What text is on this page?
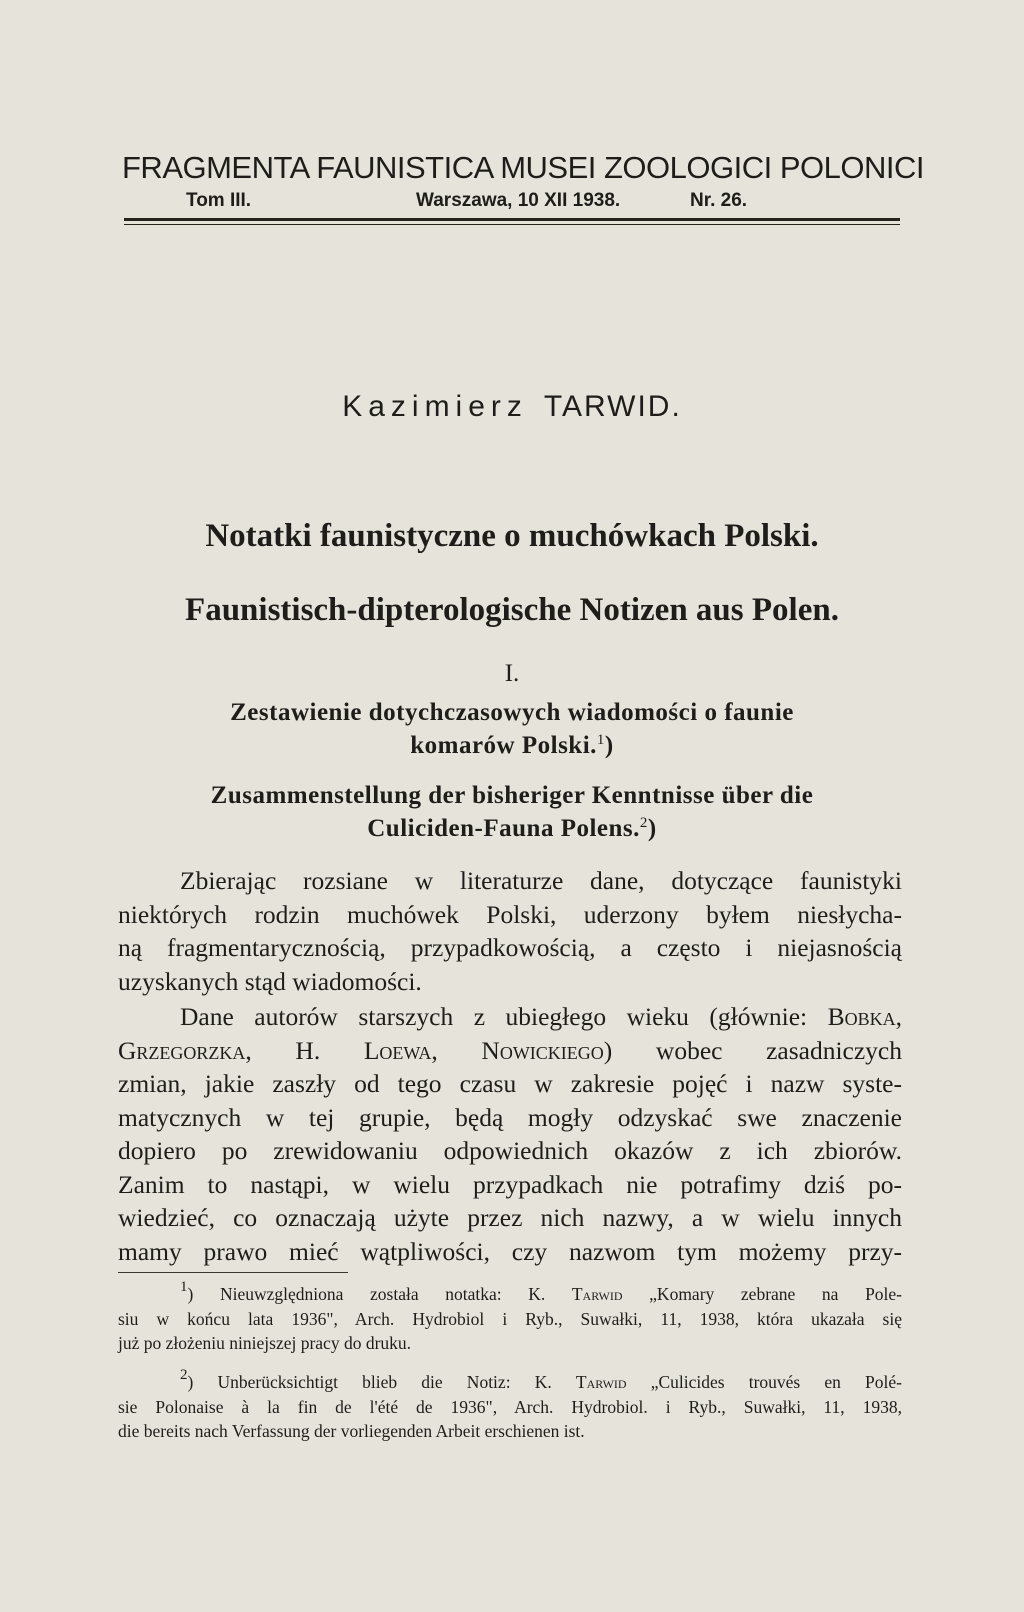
FRAGMENTA FAUNISTICA MUSEI ZOOLOGICI POLONICI
Tom III.	Warszawa, 10 XII 1938.	Nr. 26.
Kazimierz TARWID.
Notatki faunistyczne o muchówkach Polski.
Faunistisch-dipterologische Notizen aus Polen.
I.
Zestawienie dotychczasowych wiadomości o faunie
komarów Polski.$^1$)
Zusammenstellung der bisheriger Kenntnisse über die
Culiciden-Fauna Polens.$^2$)
Zbierając rozsiane w literaturze dane, dotyczące faunistyki
niektórych rodzin muchówek Polski, uderzony byłem niesłycha-
ną fragmentarycznością, przypadkowością, a często i niejasnością
uzyskanych stąd wiadomości.
Dane autorów starszych z ubiegłego wieku (głównie: Bobka,
Grzegorzka, H. Loewa, Nowickiego) wobec zasadniczych
zmian, jakie zaszły od tego czasu w zakresie pojęć i nazw syste-
matycznych w tej grupie, będą mogły odzyskać swe znaczenie
dopiero po zrewidowaniu odpowiednich okazów z ich zbiorów.
Zanim to nastąpi, w wielu przypadkach nie potrafimy dziś po-
wiedzieć, co oznaczają użyte przez nich nazwy, a w wielu innych
mamy prawo mieć wątpliwości, czy nazwom tym możemy przy-
$^1$) Nieuwzględniona została notatka: K. Tarwid „Komary zebrane na Pole-
siu w końcu lata 1936", Arch. Hydrobiol i Ryb., Suwałki, 11, 1938, która ukazała się
już po złożeniu niniejszej pracy do druku.
$^2$) Unberücksichtigt blieb die Notiz: K. Tarwid „Culicides trouvés en Polé-
sie Polonaise à la fin de l'été de 1936", Arch. Hydrobiol. i Ryb., Suwałki, 11, 1938,
die bereits nach Verfassung der vorliegenden Arbeit erschienen ist.
